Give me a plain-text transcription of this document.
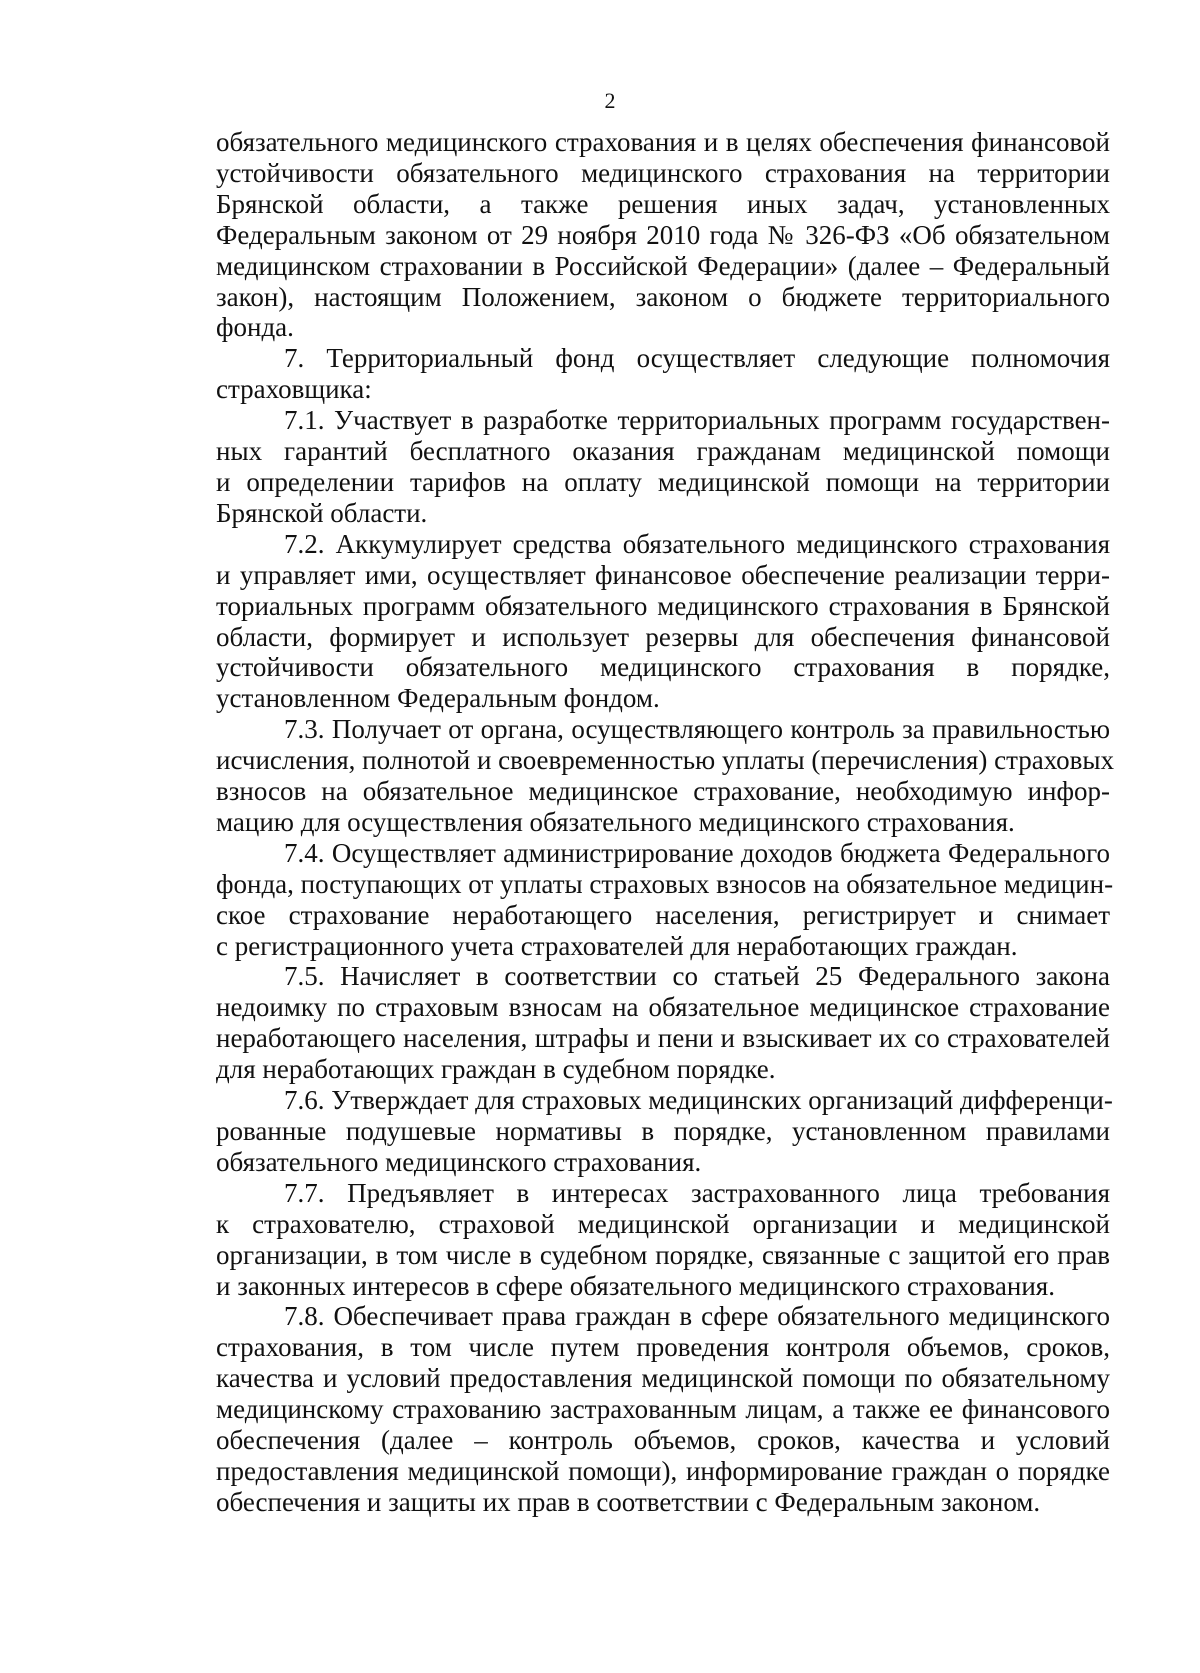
2

обязательного медицинского страхования и в целях обеспечения финансовой
устойчивости обязательного медицинского страхования на территории
Брянской области, а также решения иных задач, установленных
Федеральным законом от 29 ноября 2010 года № 326-ФЗ «Об обязательном
медицинском страховании в Российской Федерации» (далее – Федеральный
закон), настоящим Положением, законом о бюджете территориального
фонда.

7. Территориальный фонд осуществляет следующие полномочия
страховщика:

7.1. Участвует в разработке территориальных программ государствен-
ных гарантий бесплатного оказания гражданам медицинской помощи
и определении тарифов на оплату медицинской помощи на территории
Брянской области.

7.2. Аккумулирует средства обязательного медицинского страхования
и управляет ими, осуществляет финансовое обеспечение реализации терри-
ториальных программ обязательного медицинского страхования в Брянской
области, формирует и использует резервы для обеспечения финансовой
устойчивости обязательного медицинского страхования в порядке,
установленном Федеральным фондом.

7.3. Получает от органа, осуществляющего контроль за правильностью
исчисления, полнотой и своевременностью уплаты (перечисления) страховых
взносов на обязательное медицинское страхование, необходимую инфор-
мацию для осуществления обязательного медицинского страхования.

7.4. Осуществляет администрирование доходов бюджета Федерального
фонда, поступающих от уплаты страховых взносов на обязательное медицин-
ское страхование неработающего населения, регистрирует и снимает
с регистрационного учета страхователей для неработающих граждан.

7.5. Начисляет в соответствии со статьей 25 Федерального закона
недоимку по страховым взносам на обязательное медицинское страхование
неработающего населения, штрафы и пени и взыскивает их со страхователей
для неработающих граждан в судебном порядке.

7.6. Утверждает для страховых медицинских организаций дифференци-
рованные подушевые нормативы в порядке, установленном правилами
обязательного медицинского страхования.

7.7. Предъявляет в интересах застрахованного лица требования
к страхователю, страховой медицинской организации и медицинской
организации, в том числе в судебном порядке, связанные с защитой его прав
и законных интересов в сфере обязательного медицинского страхования.

7.8. Обеспечивает права граждан в сфере обязательного медицинского
страхования, в том числе путем проведения контроля объемов, сроков,
качества и условий предоставления медицинской помощи по обязательному
медицинскому страхованию застрахованным лицам, а также ее финансового
обеспечения (далее – контроль объемов, сроков, качества и условий
предоставления медицинской помощи), информирование граждан о порядке
обеспечения и защиты их прав в соответствии с Федеральным законом.
